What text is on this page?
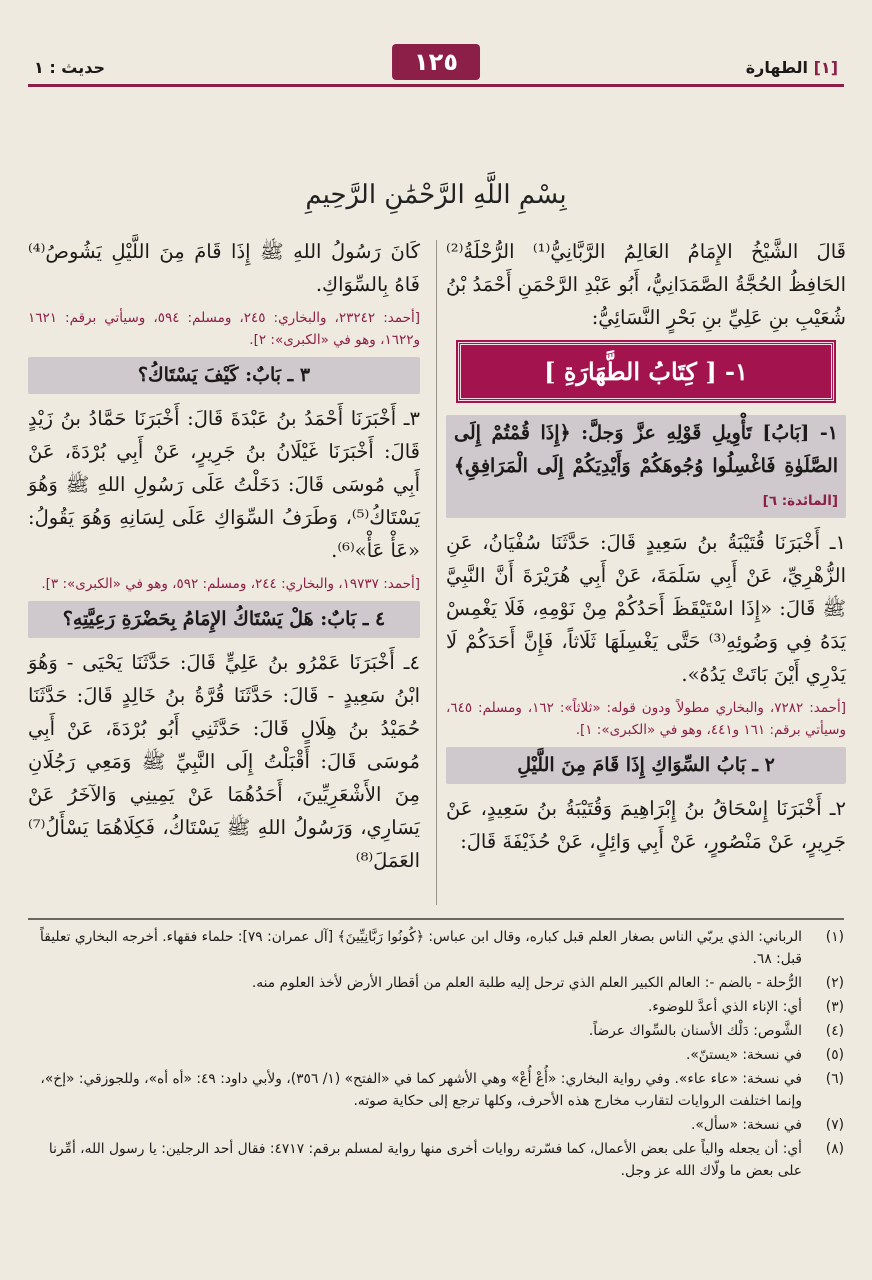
[١] الطهارة
١٢٥
حديث : ١
بِسْمِ اللَّهِ الرَّحْمَٰنِ الرَّحِيمِ

قَالَ الشَّيْخُ الإِمَامُ العَالِمُ الرَّبَّانِيُّ⁽¹⁾ الرُّحْلَةُ⁽²⁾ الحَافِظُ الحُجَّةُ الصَّمَدَانِيُّ، أَبُو عَبْدِ الرَّحْمَنِ أَحْمَدُ بْنُ شُعَيْبِ بنِ عَلِيِّ بنِ بَحْرٍ النَّسَائِيُّ:

١- [ كِتَابُ الطَّهَارَةِ ]
١- [بَابُ] تَأْوِيلِ قَوْلِهِ عزَّ وَجلَّ: ﴿إِذَا قُمْتُمْ إِلَى الصَّلَوٰةِ فَاغْسِلُوا وُجُوهَكُمْ وَأَيْدِيَكُمْ إِلَى الْمَرَافِقِ﴾ [المائدة: ٦]

١ـ أَخْبَرَنَا قُتَيْبَةُ بنُ سَعِيدٍ قَالَ: حَدَّثَنَا سُفْيَانُ، عَنِ الزُّهْرِيِّ، عَنْ أَبِي سَلَمَةَ، عَنْ أَبِي هُرَيْرَةَ أَنَّ النَّبِيَّ ﷺ قَالَ: «إِذَا اسْتَيْقَظَ أَحَدُكُمْ مِنْ نَوْمِهِ، فَلَا يَغْمِسْ يَدَهُ فِي وَضُوئِهِ⁽³⁾ حَتَّى يَغْسِلَهَا ثَلَاثاً، فَإِنَّ أَحَدَكُمْ لَا يَدْرِي أَيْنَ بَاتَتْ يَدُهُ».

[أحمد: ٧٢٨٢، والبخاري مطولاً ودون قوله: «ثلاثاً»: ١٦٢، ومسلم: ٦٤٥، وسيأتي برقم: ١٦١ و٤٤١، وهو في «الكبرى»: ١].

٢ ـ بَابُ السِّوَاكِ إِذَا قَامَ مِنَ اللَّيْلِ

٢ـ أَخْبَرَنَا إِسْحَاقُ بنُ إِبْرَاهِيمَ وَقُتَيْبَةُ بنُ سَعِيدٍ، عَنْ جَرِيرٍ، عَنْ مَنْصُورٍ، عَنْ أَبِي وَائِلٍ، عَنْ حُذَيْفَةَ قَالَ:

كَانَ رَسُولُ اللهِ ﷺ إِذَا قَامَ مِنَ اللَّيْلِ يَشُوصُ⁽⁴⁾ فَاهُ بِالسِّوَاكِ.

[أحمد: ٢٣٢٤٢، والبخاري: ٢٤٥، ومسلم: ٥٩٤، وسيأتي برقم: ١٦٢١ و١٦٢٢، وهو في «الكبرى»: ٢].

٣ ـ بَابٌ: كَيْفَ يَسْتَاكُ؟

٣ـ أَخْبَرَنَا أَحْمَدُ بنُ عَبْدَةَ قَالَ: أَخْبَرَنَا حَمَّادُ بنُ زَيْدٍ قَالَ: أَخْبَرَنَا غَيْلَانُ بنُ جَرِيرٍ، عَنْ أَبِي بُرْدَةَ، عَنْ أَبِي مُوسَى قَالَ: دَخَلْتُ عَلَى رَسُولِ اللهِ ﷺ وَهُوَ يَسْتَاكُ⁽⁵⁾، وَطَرَفُ السِّوَاكِ عَلَى لِسَانِهِ وَهُوَ يَقُولُ: «عَأْ عَأْ»⁽⁶⁾.

[أحمد: ١٩٧٣٧، والبخاري: ٢٤٤، ومسلم: ٥٩٢، وهو في «الكبرى»: ٣].

٤ ـ بَابٌ: هَلْ يَسْتَاكُ الإِمَامُ بِحَضْرَةِ رَعِيَّتِهِ؟

٤ـ أَخْبَرَنَا عَمْرُو بنُ عَلِيٍّ قَالَ: حَدَّثَنَا يَحْيَى - وَهُوَ ابْنُ سَعِيدٍ - قَالَ: حَدَّثَنَا قُرَّةُ بنُ خَالِدٍ قَالَ: حَدَّثَنَا حُمَيْدُ بنُ هِلَالٍ قَالَ: حَدَّثَنِي أَبُو بُرْدَةَ، عَنْ أَبِي مُوسَى قَالَ: أَقْبَلْتُ إِلَى النَّبِيِّ ﷺ وَمَعِي رَجُلَانِ مِنَ الأَشْعَرِيِّينَ، أَحَدُهُمَا عَنْ يَمِينِي وَالآخَرُ عَنْ يَسَارِي، وَرَسُولُ اللهِ ﷺ يَسْتَاكُ، فَكِلَاهُمَا يَسْأَلُ⁽⁷⁾ العَمَلَ⁽⁸⁾

(١)
الرباني: الذي يربّي الناس بصغار العلم قبل كباره، وقال ابن عباس: ﴿كُونُوا رَبَّانِيِّينَ﴾ [آل عمران: ٧٩]: حلماء فقهاء. أخرجه البخاري تعليقاً قبل: ٦٨.
(٢)
الرُّحلة - بالضم -: العالم الكبير العلم الذي ترحل إليه طلبة العلم من أقطار الأرض لأخذ العلوم منه.
(٣)
أي: الإناء الذي أعدَّ للوضوء.
(٤)
الشَّوص: دَلْك الأسنان بالسِّواك عرضاً.
(٥)
في نسخة: «يستنّ».
(٦)
في نسخة: «عاء عاء». وفي رواية البخاري: «أُعْ أُعْ» وهي الأشهر كما في «الفتح» (١/ ٣٥٦)، ولأبي داود: ٤٩: «أه أه»، وللجوزقي: «إخ»، وإنما اختلفت الروايات لتقارب مخارج هذه الأحرف، وكلها ترجع إلى حكاية صوته.
(٧)
في نسخة: «سأل».
(٨)
أي: أن يجعله والياً على بعض الأعمال، كما فسّرته روايات أخرى منها رواية لمسلم برقم: ٤٧١٧: فقال أحد الرجلين: يا رسول الله، أمِّرنا على بعض ما ولّاك الله عز وجل.
